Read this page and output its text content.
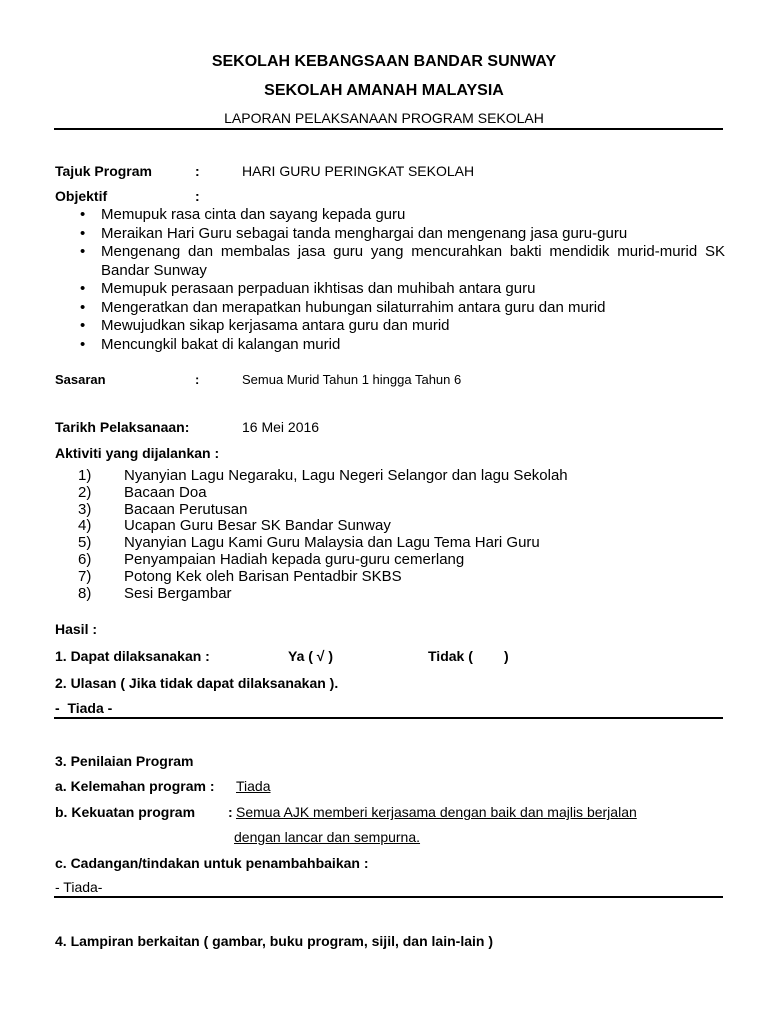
SEKOLAH KEBANGSAAN BANDAR SUNWAY
SEKOLAH AMANAH MALAYSIA
LAPORAN PELAKSANAAN PROGRAM SEKOLAH
Tajuk Program	:	HARI GURU PERINGKAT SEKOLAH
Objektif	:
• Memupuk rasa cinta dan sayang kepada guru
• Meraikan Hari Guru sebagai tanda menghargai dan mengenang jasa guru-guru
• Mengenang dan membalas jasa guru yang mencurahkan bakti mendidik murid-murid SK Bandar Sunway
• Memupuk perasaan perpaduan ikhtisas dan muhibah antara guru
• Mengeratkan dan merapatkan hubungan silaturrahim antara guru dan murid
• Mewujudkan sikap kerjasama antara guru dan murid
• Mencungkil bakat di kalangan murid
Sasaran	:	Semua Murid Tahun 1 hingga Tahun 6
Tarikh Pelaksanaan:	16 Mei 2016
Aktiviti yang dijalankan :
1)	Nyanyian Lagu Negaraku, Lagu Negeri Selangor dan lagu Sekolah
2)	Bacaan Doa
3)	Bacaan Perutusan
4)	Ucapan Guru Besar SK Bandar Sunway
5)	Nyanyian Lagu Kami Guru Malaysia dan Lagu Tema Hari Guru
6)	Penyampaian Hadiah kepada guru-guru cemerlang
7)	Potong Kek oleh Barisan Pentadbir SKBS
8)	Sesi Bergambar
Hasil :
1. Dapat dilaksanakan :	Ya ( √ )	Tidak (        )
2. Ulasan ( Jika tidak dapat dilaksanakan ).
-  Tiada -
3. Penilaian Program
a. Kelemahan program : Tiada
b. Kekuatan program : Semua AJK memberi kerjasama dengan baik dan majlis berjalan
dengan lancar dan sempurna.
c. Cadangan/tindakan untuk penambahbaikan :
- Tiada-
4. Lampiran berkaitan ( gambar, buku program, sijil, dan lain-lain )
